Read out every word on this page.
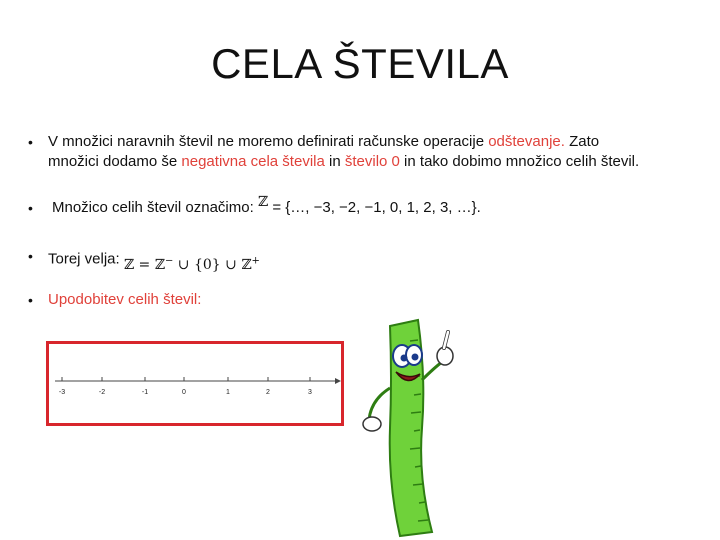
CELA ŠTEVILA
• V množici naravnih števil ne moremo definirati računske operacije odštevanje. Zato
množici dodamo še negativna cela števila in število 0 in tako dobimo množico celih števil.
• Množico celih števil označimo: ℤ = {…, −3, −2, −1, 0, 1, 2, 3, …}.
• Torej velja: ℤ = ℤ− ∪ {0} ∪ ℤ+
• Upodobitev celih števil:
-3	-2	-1	0	1	2	3
